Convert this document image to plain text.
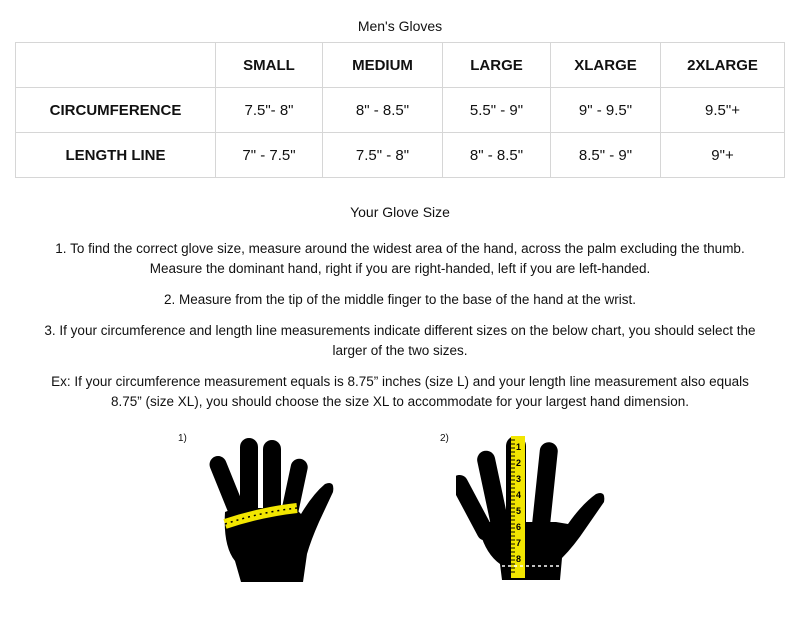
Men's Gloves
	SMALL	MEDIUM	LARGE	XLARGE	2XLARGE
CIRCUMFERENCE	7.5"- 8"	8" - 8.5"	5.5" - 9"	9" - 9.5"	9.5"+
LENGTH LINE	7" - 7.5"	7.5" - 8"	8" - 8.5"	8.5" - 9"	9"+
Your Glove Size
1. To find the correct glove size, measure around the widest area of the hand, across the palm excluding the thumb.
Measure the dominant hand, right if you are right-handed, left if you are left-handed.
2. Measure from the tip of the middle finger to the base of the hand at the wrist.
3. If your circumference and length line measurements indicate different sizes on the below chart, you should select the
larger of the two sizes.
Ex: If your circumference measurement equals is 8.75” inches (size L) and your length line measurement also equals
8.75” (size XL), you should choose the size XL to accommodate for your largest hand dimension.
1)	2)
1
2
3
4
5
6
7
8
